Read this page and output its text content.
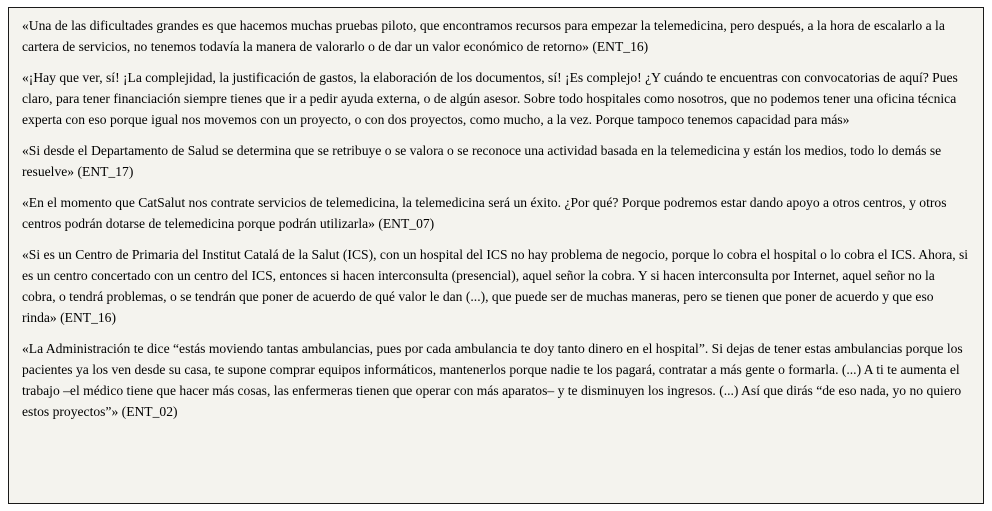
«Una de las dificultades grandes es que hacemos muchas pruebas piloto, que encontramos recursos para empezar la telemedicina, pero después, a la hora de escalarlo a la cartera de servicios, no tenemos todavía la manera de valorarlo o de dar un valor económico de retorno» (ENT_16)

«¡Hay que ver, sí! ¡La complejidad, la justificación de gastos, la elaboración de los documentos, sí! ¡Es complejo! ¿Y cuándo te encuentras con convocatorias de aquí? Pues claro, para tener financiación siempre tienes que ir a pedir ayuda externa, o de algún asesor. Sobre todo hospitales como nosotros, que no podemos tener una oficina técnica experta con eso porque igual nos movemos con un proyecto, o con dos proyectos, como mucho, a la vez. Porque tampoco tenemos capacidad para más»

«Si desde el Departamento de Salud se determina que se retribuye o se valora o se reconoce una actividad basada en la telemedicina y están los medios, todo lo demás se resuelve» (ENT_17)

«En el momento que CatSalut nos contrate servicios de telemedicina, la telemedicina será un éxito. ¿Por qué? Porque podremos estar dando apoyo a otros centros, y otros centros podrán dotarse de telemedicina porque podrán utilizarla» (ENT_07)

«Si es un Centro de Primaria del Institut Catalá de la Salut (ICS), con un hospital del ICS no hay problema de negocio, porque lo cobra el hospital o lo cobra el ICS. Ahora, si es un centro concertado con un centro del ICS, entonces si hacen interconsulta (presencial), aquel señor la cobra. Y si hacen interconsulta por Internet, aquel señor no la cobra, o tendrá problemas, o se tendrán que poner de acuerdo de qué valor le dan (...), que puede ser de muchas maneras, pero se tienen que poner de acuerdo y que eso rinda» (ENT_16)

«La Administración te dice “estás moviendo tantas ambulancias, pues por cada ambulancia te doy tanto dinero en el hospital”. Si dejas de tener estas ambulancias porque los pacientes ya los ven desde su casa, te supone comprar equipos informáticos, mantenerlos porque nadie te los pagará, contratar a más gente o formarla. (...) A ti te aumenta el trabajo –el médico tiene que hacer más cosas, las enfermeras tienen que operar con más aparatos– y te disminuyen los ingresos. (...) Así que dirás “de eso nada, yo no quiero estos proyectos”» (ENT_02)
